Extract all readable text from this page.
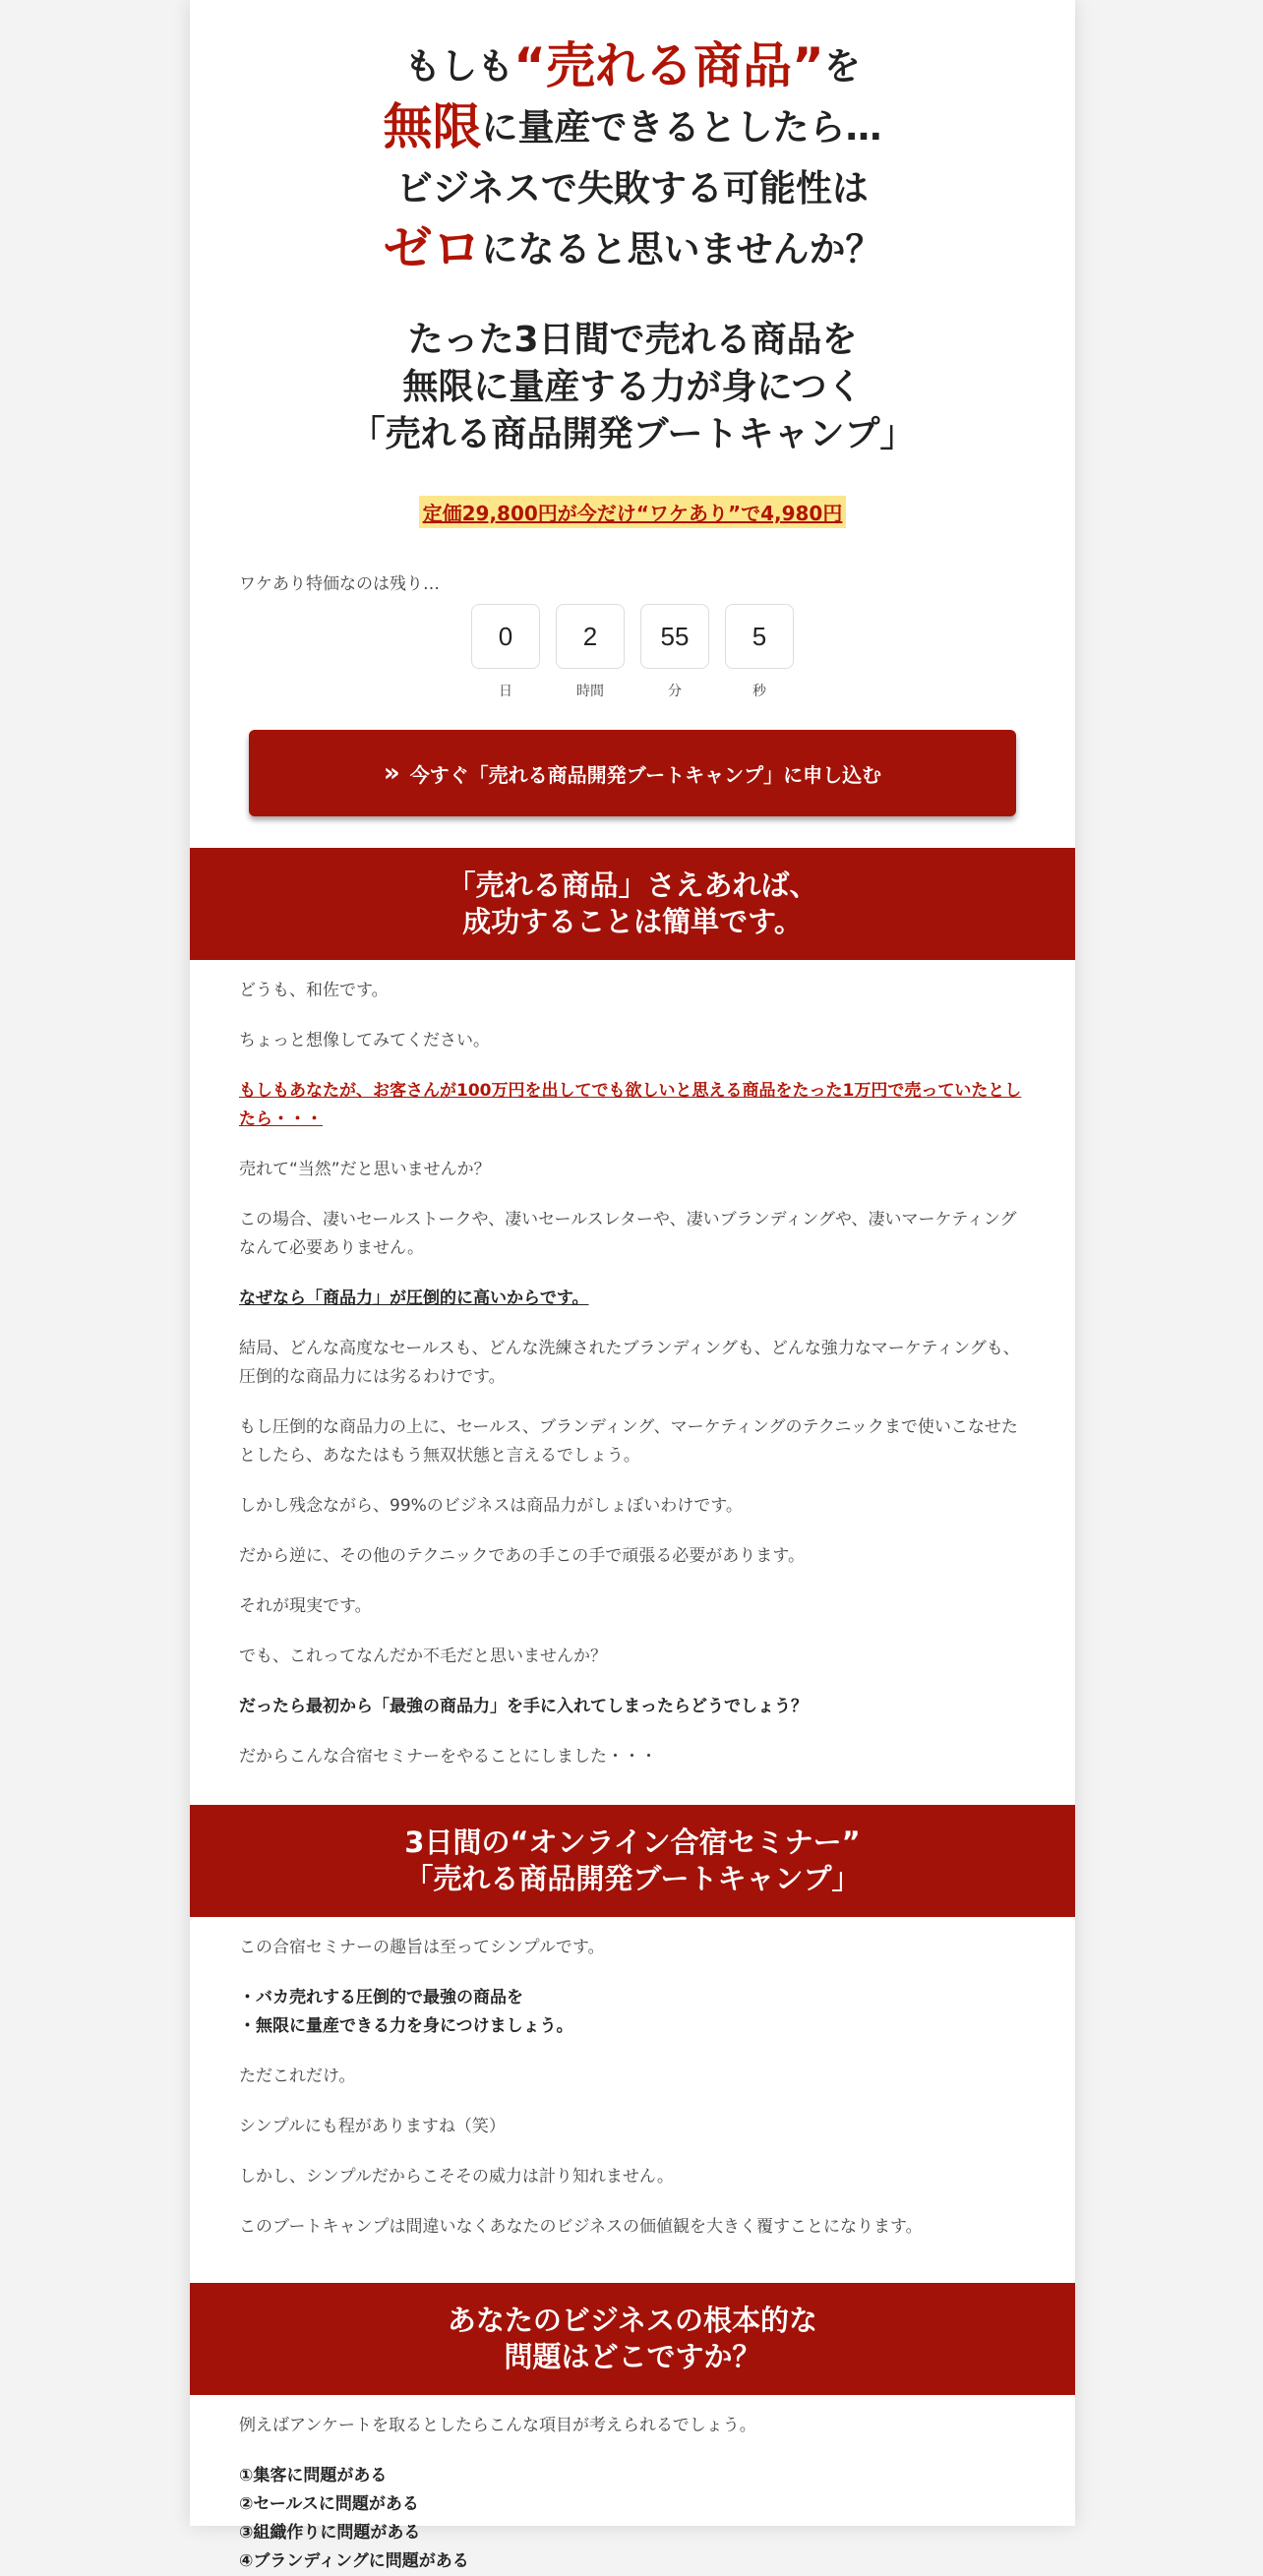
もしも “売れる商品” を
無限 に量産できるとしたら…
ビジネスで失敗する可能性は
ゼロ になると思いませんか？
たった3日間で売れる商品を
無限に量産する力が身につく
「売れる商品開発ブートキャンプ」
定価29,800円が今だけ“ワケあり”で4,980円
ワケあり特価なのは残り…
0
日
2
時間
55
分
5
秒
» 今すぐ「売れる商品開発ブートキャンプ」に申し込む
「売れる商品」さえあれば、
成功することは簡単です。

どうも、和佐です。

ちょっと想像してみてください。

もしもあなたが、お客さんが100万円を出してでも欲しいと思える商品をたった1万円で売っていたとしたら・・・

売れて“当然”だと思いませんか？

この場合、凄いセールストークや、凄いセールスレターや、凄いブランディングや、凄いマーケティングなんて必要ありません。

なぜなら「商品力」が圧倒的に高いからです。

結局、どんな高度なセールスも、どんな洗練されたブランディングも、どんな強力なマーケティングも、圧倒的な商品力には劣るわけです。

もし圧倒的な商品力の上に、セールス、ブランディング、マーケティングのテクニックまで使いこなせたとしたら、あなたはもう無双状態と言えるでしょう。

しかし残念ながら、99%のビジネスは商品力がしょぼいわけです。

だから逆に、その他のテクニックであの手この手で頑張る必要があります。

それが現実です。

でも、これってなんだか不毛だと思いませんか？

だったら最初から「最強の商品力」を手に入れてしまったらどうでしょう？

だからこんな合宿セミナーをやることにしました・・・

3日間の“オンライン合宿セミナー”
「売れる商品開発ブートキャンプ」

この合宿セミナーの趣旨は至ってシンプルです。

・バカ売れする圧倒的で最強の商品を

・無限に量産できる力を身につけましょう。

ただこれだけ。

シンプルにも程がありますね（笑）

しかし、シンプルだからこそその威力は計り知れません。

このブートキャンプは間違いなくあなたのビジネスの価値観を大きく覆すことになります。

あなたのビジネスの根本的な
問題はどこですか？

例えばアンケートを取るとしたらこんな項目が考えられるでしょう。

①集客に問題がある

②セールスに問題がある

③組織作りに問題がある

④ブランディングに問題がある
